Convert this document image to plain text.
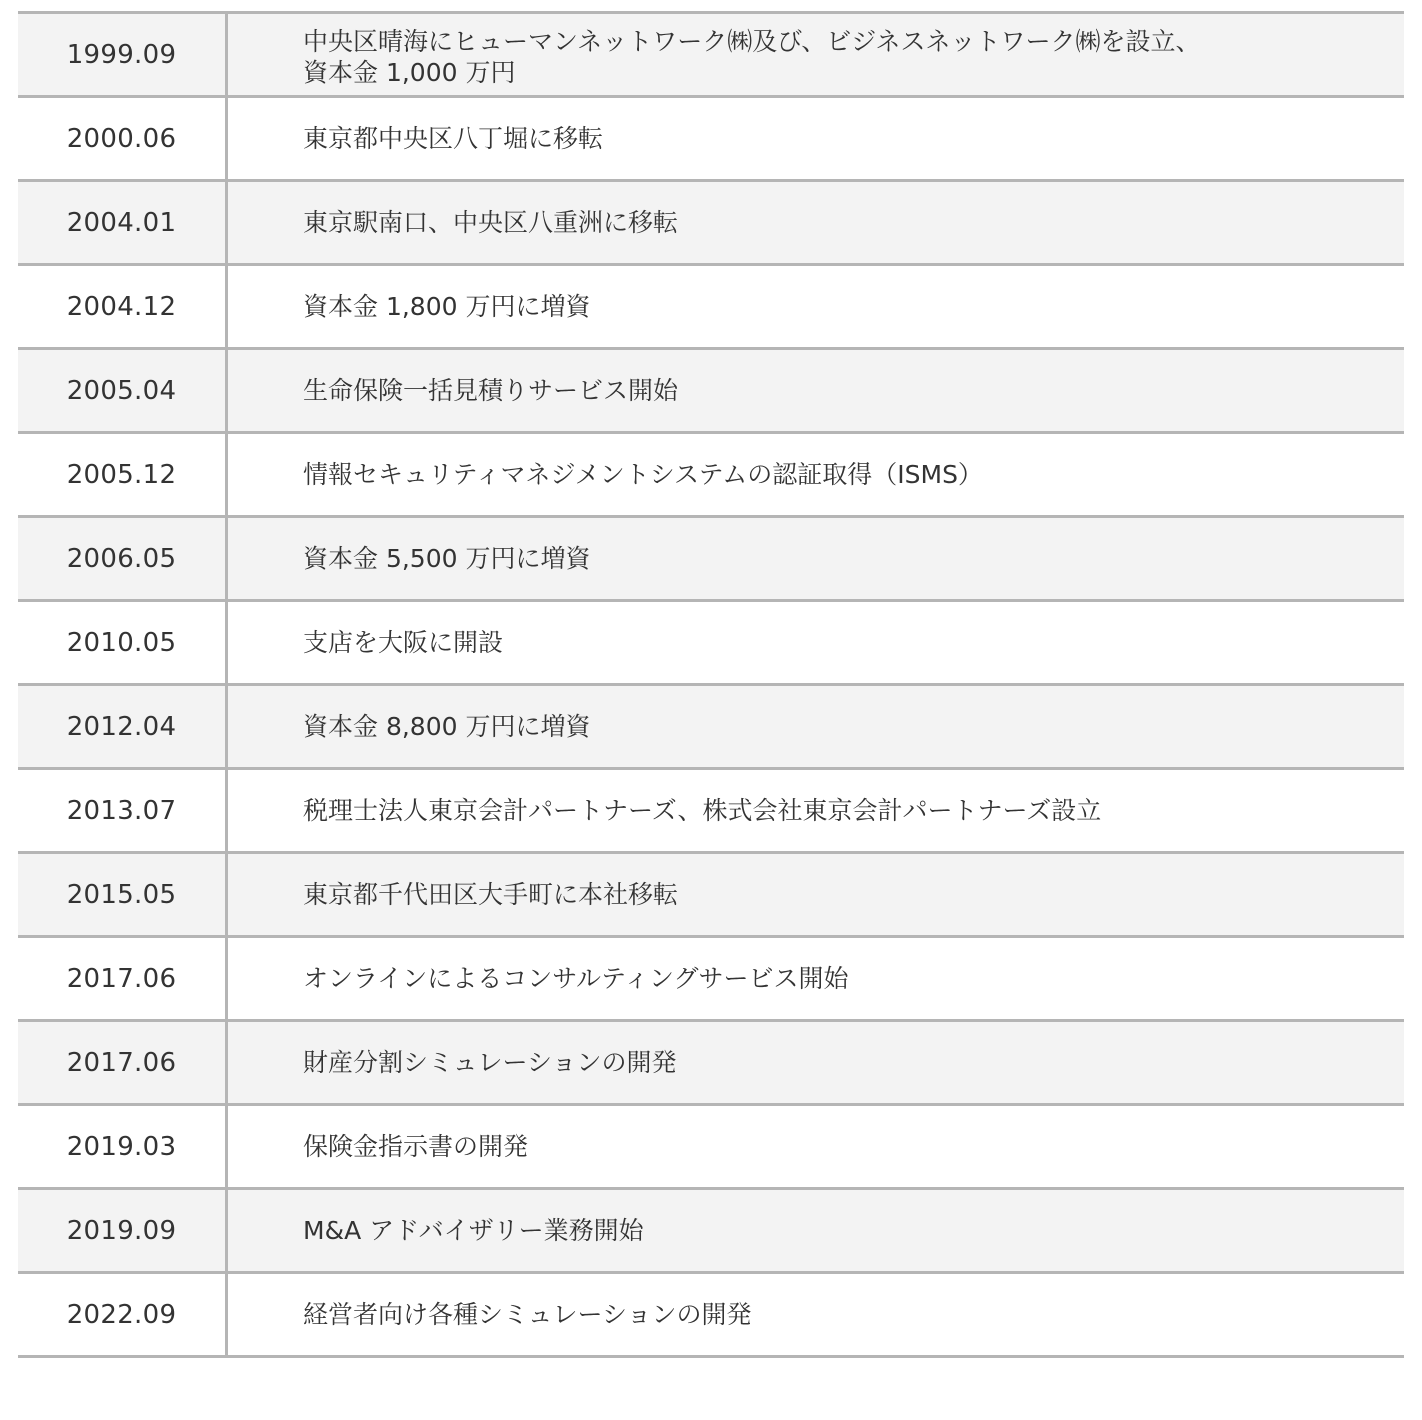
1999.09	中央区晴海にヒューマンネットワーク㈱及び、ビジネスネットワーク㈱を設立、
資本金 1,000 万円
2000.06	東京都中央区八丁堀に移転
2004.01	東京駅南口、中央区八重洲に移転
2004.12	資本金 1,800 万円に増資
2005.04	生命保険一括見積りサービス開始
2005.12	情報セキュリティマネジメントシステムの認証取得（ISMS）
2006.05	資本金 5,500 万円に増資
2010.05	支店を大阪に開設
2012.04	資本金 8,800 万円に増資
2013.07	税理士法人東京会計パートナーズ、株式会社東京会計パートナーズ設立
2015.05	東京都千代田区大手町に本社移転
2017.06	オンラインによるコンサルティングサービス開始
2017.06	財産分割シミュレーションの開発
2019.03	保険金指示書の開発
2019.09	M&A アドバイザリー業務開始
2022.09	経営者向け各種シミュレーションの開発
